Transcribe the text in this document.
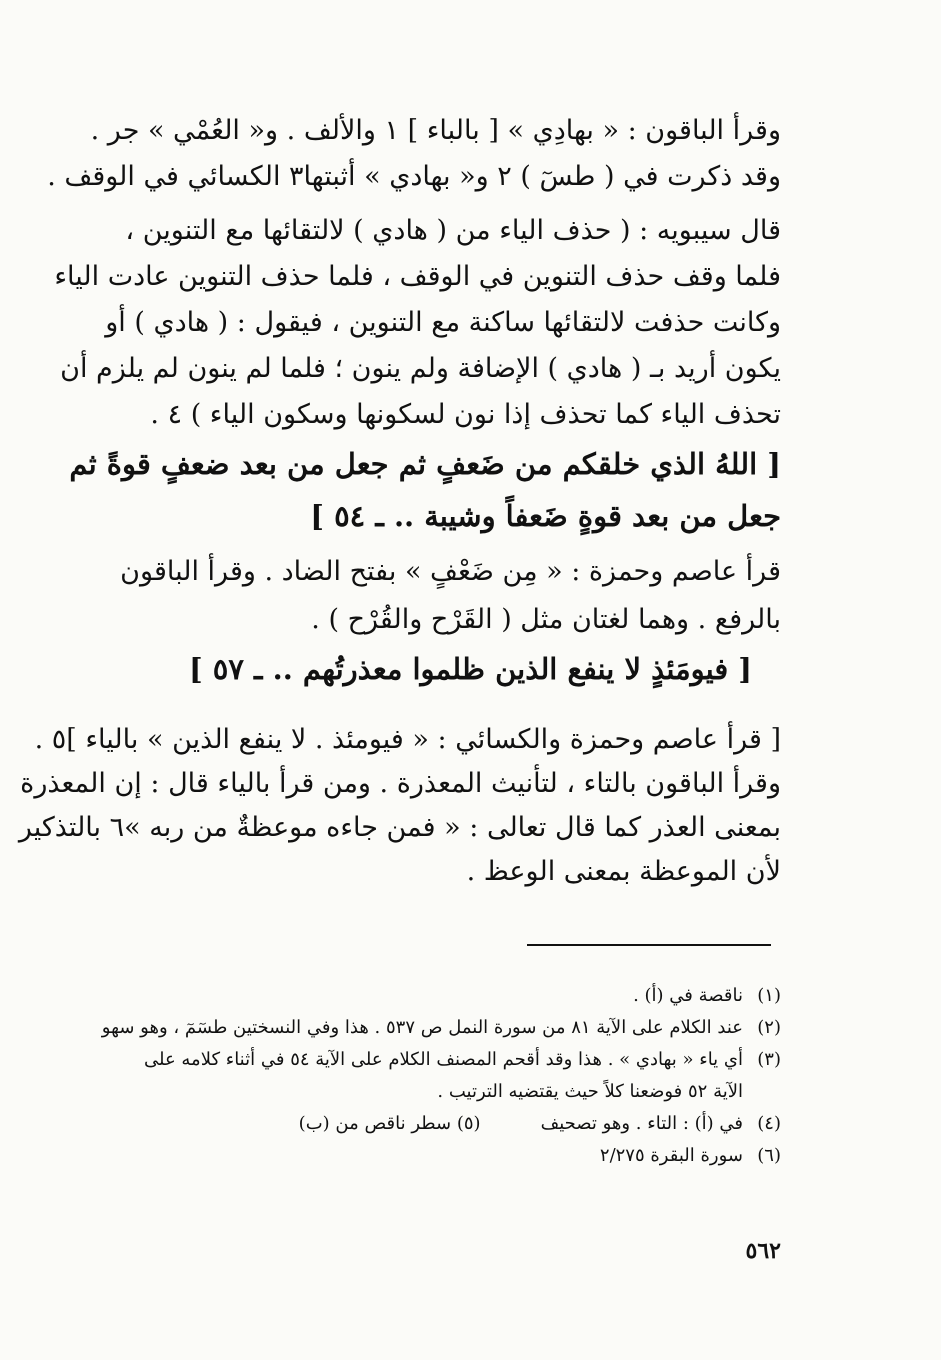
وقرأ الباقون : « بهادِي » [ بالباء ] ١ والألف . و« العُمْي » جر .

وقد ذكرت في ( طسٓ ) ٢ و« بهادي » أثبتها٣ الكسائي في الوقف .

قال سيبويه : ( حذف الياء من ( هادي ) لالتقائها مع التنوين ،

فلما وقف حذف التنوين في الوقف ، فلما حذف التنوين عادت الياء

وكانت حذفت لالتقائها ساكنة مع التنوين ، فيقول : ( هادي ) أو

يكون أريد بـ ( هادي ) الإضافة ولم ينون ؛ فلما لم ينون لم يلزم أن

تحذف الياء كما تحذف إذا نون لسكونها وسكون الياء ) ٤ .

[ اللهُ الذي خلقكم من ضَعفٍ ثم جعل من بعد ضعفٍ قوةً ثم

جعل من بعد قوةٍ ضَعفاً وشيبة .. ـ ٥٤ ]

قرأ عاصم وحمزة : « مِن ضَعْفٍ » بفتح الضاد . وقرأ الباقون

بالرفع . وهما لغتان مثل ( القَرْح والقُرْح ) .

[ فيومَئذٍ لا ينفع الذين ظلموا معذرتُهم .. ـ ٥٧ ]

[ قرأ عاصم وحمزة والكسائي : « فيومئذ . لا ينفع الذين » بالياء ]٥ .

وقرأ الباقون بالتاء ، لتأنيث المعذرة . ومن قرأ بالياء قال : إن المعذرة

بمعنى العذر كما قال تعالى : « فمن جاءه موعظةٌ من ربه »٦ بالتذكير

لأن الموعظة بمعنى الوعظ .

(١)ناقصة في (أ) .
(٢)عند الكلام على الآية ٨١ من سورة النمل ص ٥٣٧ . هذا وفي النسختين طسٓمٓ ، وهو سهو
(٣)أي ياء « بهادي » . هذا وقد أقحم المصنف الكلام على الآية ٥٤ في أثناء كلامه على
الآية ٥٢ فوضعنا كلاً حيث يقتضيه الترتيب .
(٤)في (أ) : التاء . وهو تصحيف(٥) سطر ناقص من (ب)
(٦)سورة البقرة ٢/٢٧٥
٥٦٢
